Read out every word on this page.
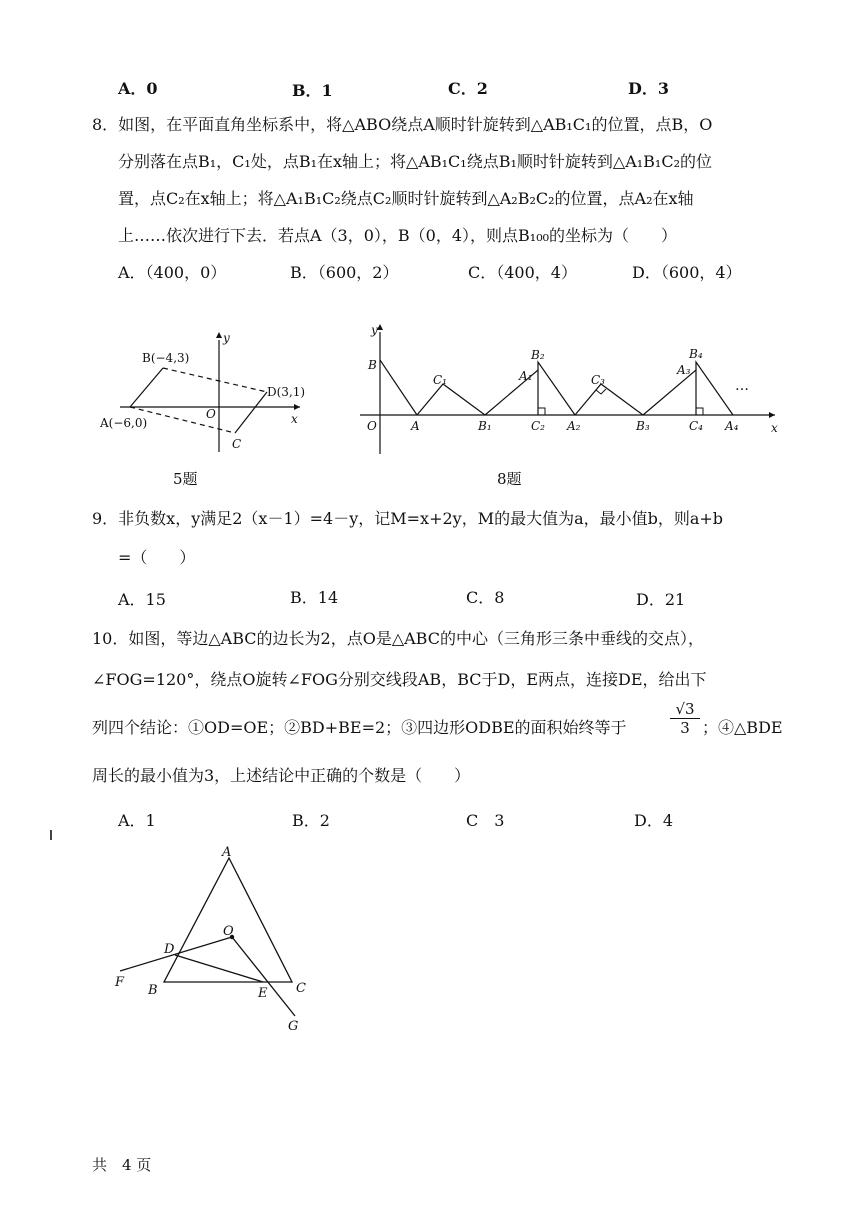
A．0	B．1	C．2	D．3
8．如图，在平面直角坐标系中，将△ABO绕点A顺时针旋转到△AB₁C₁的位置，点B，O
分别落在点B₁，C₁处，点B₁在x轴上；将△AB₁C₁绕点B₁顺时针旋转到△A₁B₁C₂的位
置，点C₂在x轴上；将△A₁B₁C₂绕点C₂顺时针旋转到△A₂B₂C₂的位置，点A₂在x轴
上……依次进行下去．若点A（3，0），B（0，4），则点B₁₀₀的坐标为（　　）
A．（400，0）	B．（600，2）	C．（400，4）	D．（600，4）
y
x
B(−4,3)
D(3,1)
A(−6,0)
O
C
5题
y
x
O
B
A
C₁
B₁
A₁
B₂
C₂ A₂
C₃
B₃
A₃
B₄
C₄ A₄
…
8题
9．非负数x，y满足2（x－1）=4－y，记M=x+2y，M的最大值为a，最小值b，则a+b
=（　　）
A．15	B．14	C．8	D．21
10．如图，等边△ABC的边长为2，点O是△ABC的中心（三角形三条中垂线的交点），
∠FOG=120°，绕点O旋转∠FOG分别交线段AB，BC于D，E两点，连接DE，给出下
列四个结论：①OD=OE；②BD+BE=2；③四边形ODBE的面积始终等于	$\frac{√3}{3}$ ；④△BDE
周长的最小值为3，上述结论中正确的个数是（　　）
A．1	B．2	C　3	D．4
A
O
D
F
B	E C
G
共　4 页
